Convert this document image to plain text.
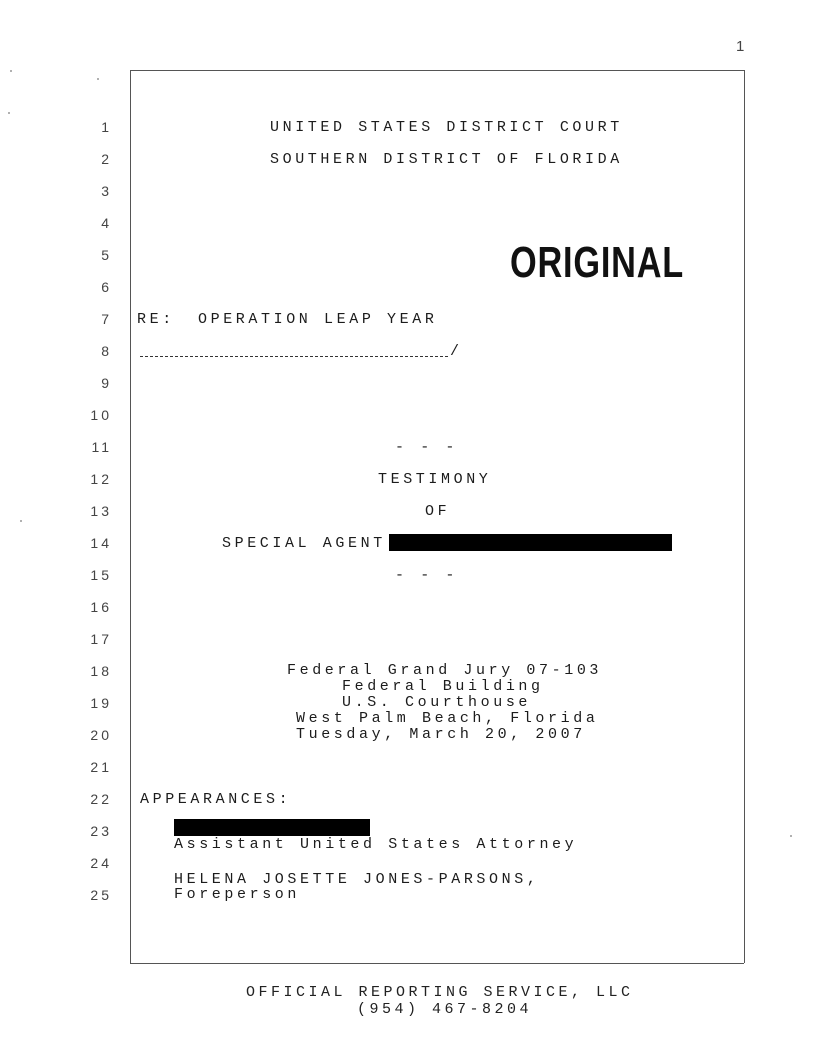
1
1
2
3
4
5
6
7
8
9
10
11
12
13
14
15
16
17
18
19
20
21
22
23
24
25
UNITED STATES DISTRICT COURT
SOUTHERN DISTRICT OF FLORIDA
ORIGINAL
RE: OPERATION LEAP YEAR
/
- - -
TESTIMONY
OF
SPECIAL AGENT
- - -
Federal Grand Jury 07-103
Federal Building
U.S. Courthouse
West Palm Beach, Florida
Tuesday, March 20, 2007
APPEARANCES:
Assistant United States Attorney
HELENA JOSETTE JONES-PARSONS,
Foreperson
OFFICIAL REPORTING SERVICE, LLC
(954) 467-8204
